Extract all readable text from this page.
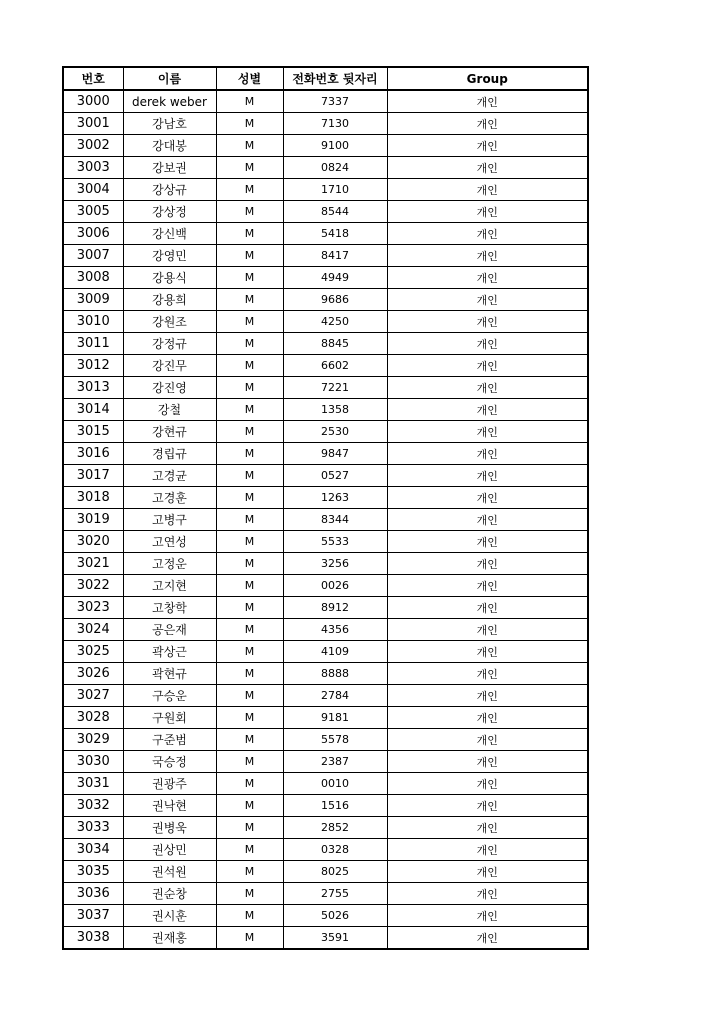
번호	이름	성별	전화번호 뒷자리	Group
3000	derek weber	M	7337	개인
3001	강남호	M	7130	개인
3002	강대봉	M	9100	개인
3003	강보권	M	0824	개인
3004	강상규	M	1710	개인
3005	강상정	M	8544	개인
3006	강신백	M	5418	개인
3007	강영민	M	8417	개인
3008	강용식	M	4949	개인
3009	강용희	M	9686	개인
3010	강원조	M	4250	개인
3011	강정규	M	8845	개인
3012	강진무	M	6602	개인
3013	강진영	M	7221	개인
3014	강철	M	1358	개인
3015	강현규	M	2530	개인
3016	경립규	M	9847	개인
3017	고경균	M	0527	개인
3018	고경훈	M	1263	개인
3019	고병구	M	8344	개인
3020	고연성	M	5533	개인
3021	고정운	M	3256	개인
3022	고지현	M	0026	개인
3023	고창학	M	8912	개인
3024	공은재	M	4356	개인
3025	곽상근	M	4109	개인
3026	곽현규	M	8888	개인
3027	구승운	M	2784	개인
3028	구원회	M	9181	개인
3029	구준범	M	5578	개인
3030	국승정	M	2387	개인
3031	권광주	M	0010	개인
3032	권낙현	M	1516	개인
3033	권병욱	M	2852	개인
3034	권상민	M	0328	개인
3035	권석원	M	8025	개인
3036	권순창	M	2755	개인
3037	권시훈	M	5026	개인
3038	권재홍	M	3591	개인
